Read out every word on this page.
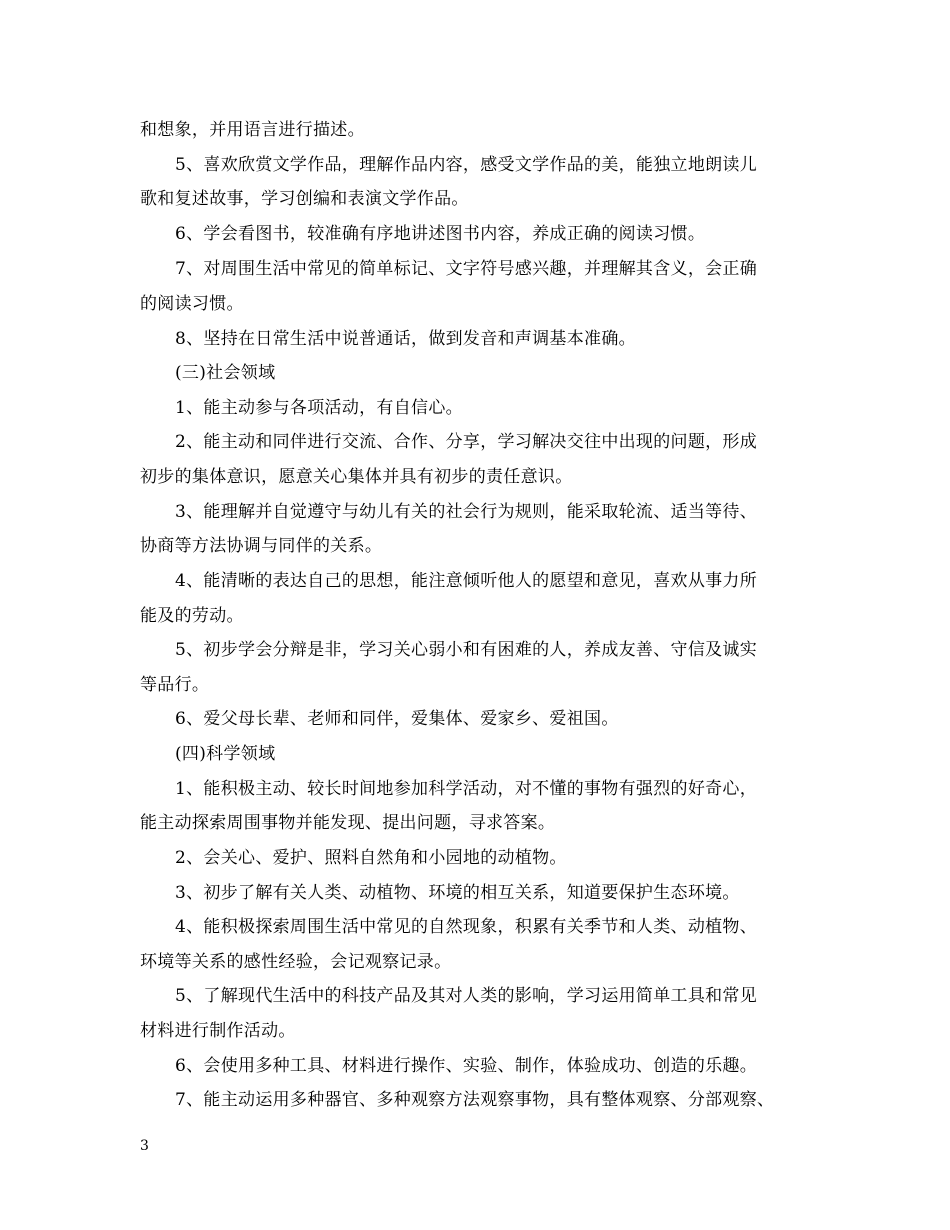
和想象，并用语言进行描述。
5、喜欢欣赏文学作品，理解作品内容，感受文学作品的美，能独立地朗读儿
歌和复述故事，学习创编和表演文学作品。
6、学会看图书，较准确有序地讲述图书内容，养成正确的阅读习惯。
7、对周围生活中常见的简单标记、文字符号感兴趣，并理解其含义，会正确
的阅读习惯。
8、坚持在日常生活中说普通话，做到发音和声调基本准确。
(三)社会领域
1、能主动参与各项活动，有自信心。
2、能主动和同伴进行交流、合作、分享，学习解决交往中出现的问题，形成
初步的集体意识，愿意关心集体并具有初步的责任意识。
3、能理解并自觉遵守与幼儿有关的社会行为规则，能采取轮流、适当等待、
协商等方法协调与同伴的关系。
4、能清晰的表达自己的思想，能注意倾听他人的愿望和意见，喜欢从事力所
能及的劳动。
5、初步学会分辩是非，学习关心弱小和有困难的人，养成友善、守信及诚实
等品行。
6、爱父母长辈、老师和同伴，爱集体、爱家乡、爱祖国。
(四)科学领域
1、能积极主动、较长时间地参加科学活动，对不懂的事物有强烈的好奇心，
能主动探索周围事物并能发现、提出问题，寻求答案。
2、会关心、爱护、照料自然角和小园地的动植物。
3、初步了解有关人类、动植物、环境的相互关系，知道要保护生态环境。
4、能积极探索周围生活中常见的自然现象，积累有关季节和人类、动植物、
环境等关系的感性经验，会记观察记录。
5、了解现代生活中的科技产品及其对人类的影响，学习运用简单工具和常见
材料进行制作活动。
6、会使用多种工具、材料进行操作、实验、制作，体验成功、创造的乐趣。
7、能主动运用多种器官、多种观察方法观察事物，具有整体观察、分部观察、
3
